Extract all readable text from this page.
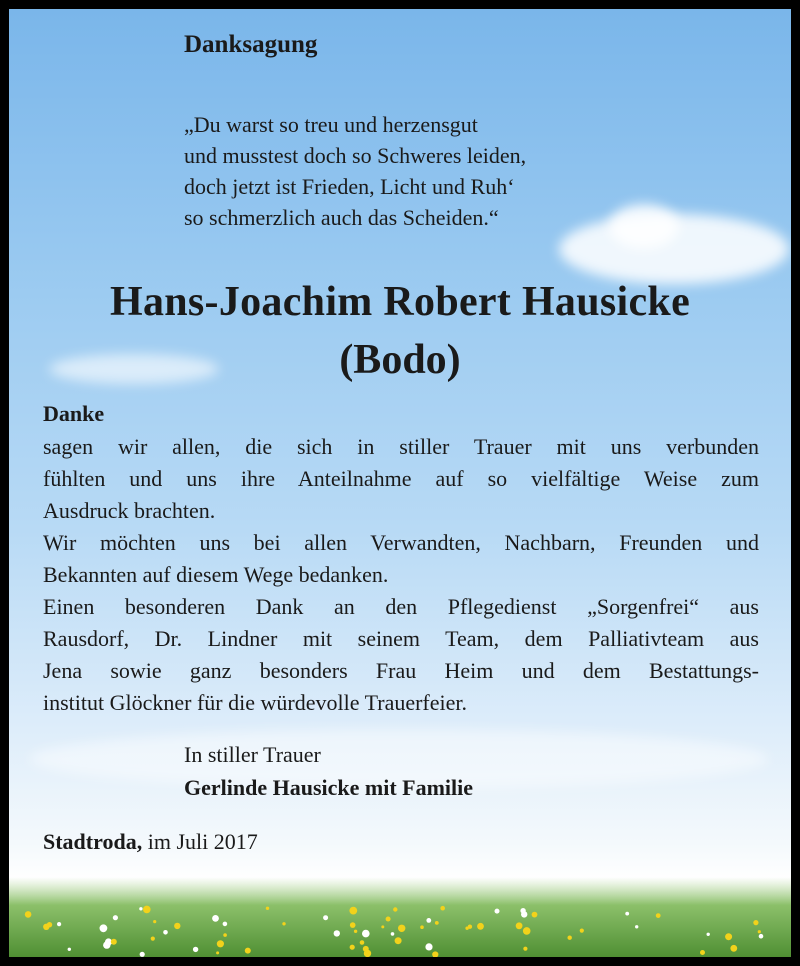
Danksagung
„Du warst so treu und herzensgut
und musstest doch so Schweres leiden,
doch jetzt ist Frieden, Licht und Ruh‘
so schmerzlich auch das Scheiden.“
Hans-Joachim Robert Hausicke
(Bodo)
Danke
sagen wir allen, die sich in stiller Trauer mit uns verbunden
fühlten und uns ihre Anteilnahme auf so vielfältige Weise zum
Ausdruck brachten.
Wir möchten uns bei allen Verwandten, Nachbarn, Freunden und
Bekannten auf diesem Wege bedanken.
Einen besonderen Dank an den Pflegedienst „Sorgenfrei“ aus
Rausdorf, Dr. Lindner mit seinem Team, dem Palliativteam aus
Jena sowie ganz besonders Frau Heim und dem Bestattungs-
institut Glöckner für die würdevolle Trauerfeier.
In stiller Trauer
Gerlinde Hausicke mit Familie
Stadtroda, im Juli 2017
